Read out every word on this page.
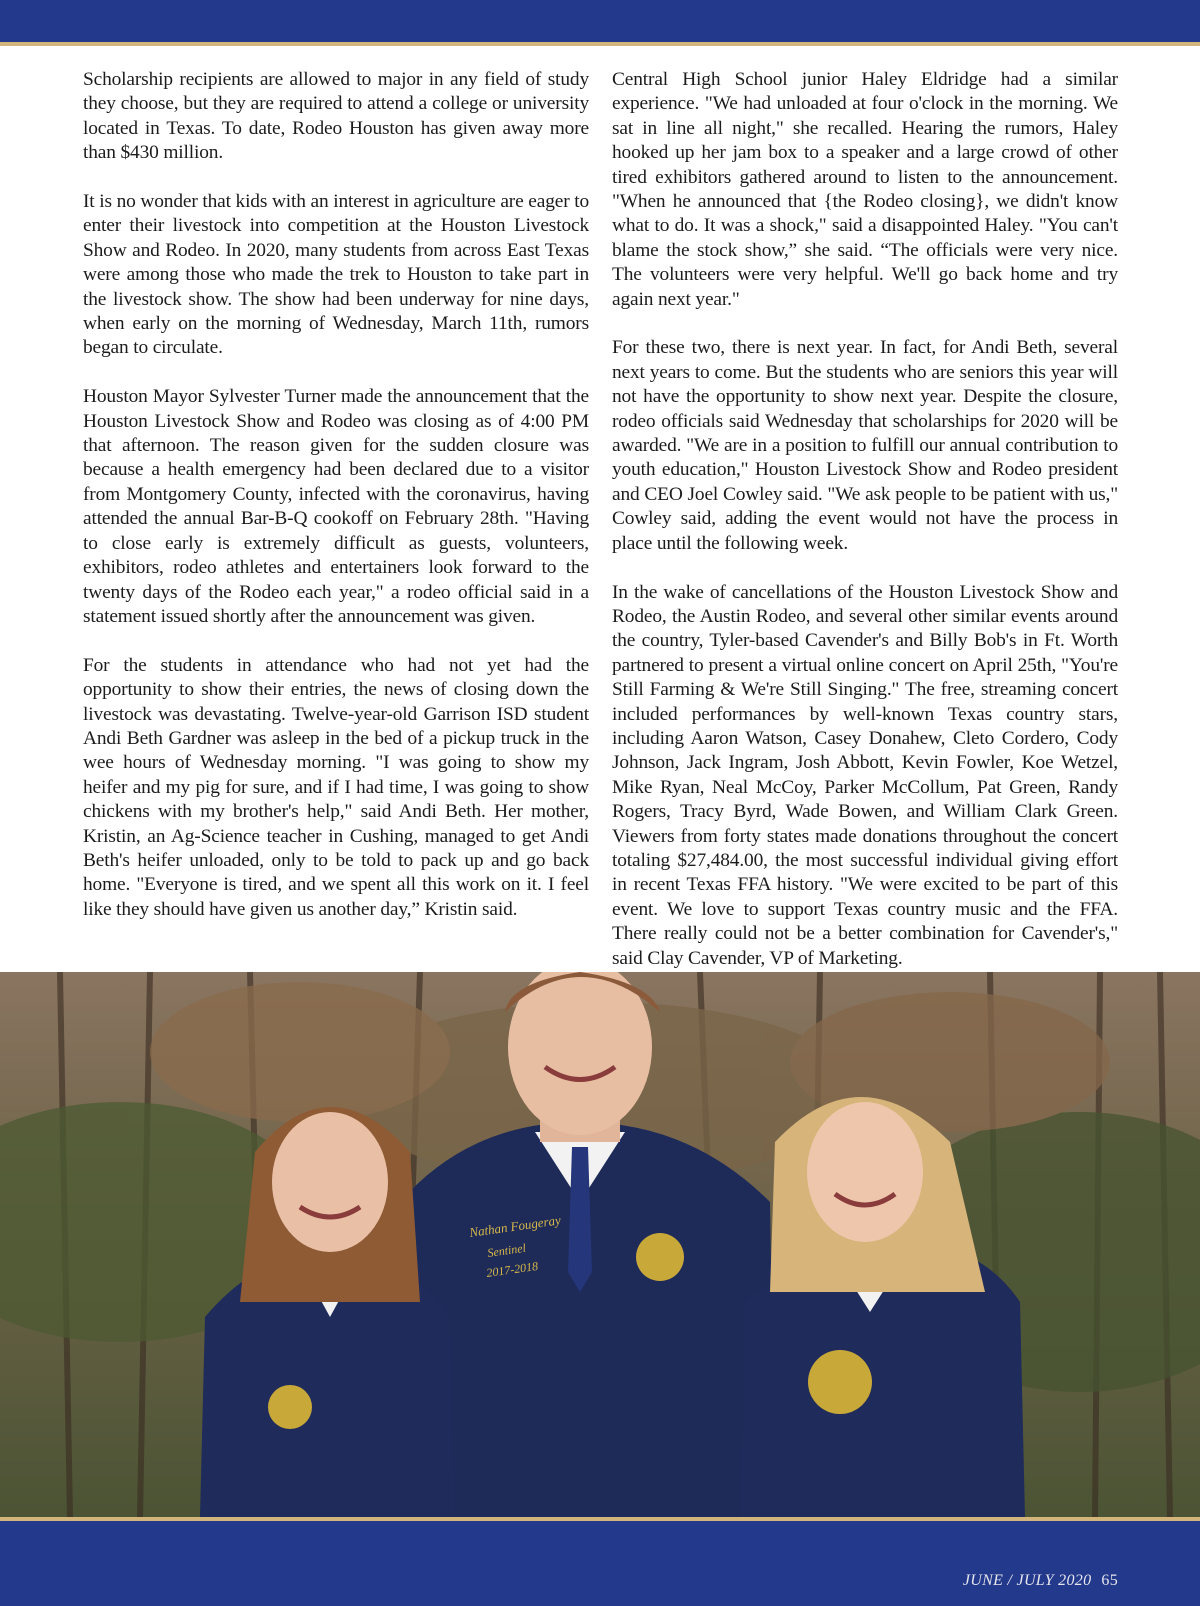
Scholarship recipients are allowed to major in any field of study they choose, but they are required to attend a college or university located in Texas. To date, Rodeo Houston has given away more than $430 million.

It is no wonder that kids with an interest in agriculture are eager to enter their livestock into competition at the Houston Livestock Show and Rodeo. In 2020, many students from across East Texas were among those who made the trek to Houston to take part in the livestock show. The show had been underway for nine days, when early on the morning of Wednesday, March 11th, rumors began to circulate.

Houston Mayor Sylvester Turner made the announcement that the Houston Livestock Show and Rodeo was closing as of 4:00 PM that afternoon. The reason given for the sudden closure was because a health emergency had been declared due to a visitor from Montgomery County, infected with the coronavirus, having attended the annual Bar-B-Q cookoff on February 28th. "Having to close early is extremely difficult as guests, volunteers, exhibitors, rodeo athletes and entertainers look forward to the twenty days of the Rodeo each year," a rodeo official said in a statement issued shortly after the announcement was given.

For the students in attendance who had not yet had the opportunity to show their entries, the news of closing down the livestock was devastating. Twelve-year-old Garrison ISD student Andi Beth Gardner was asleep in the bed of a pickup truck in the wee hours of Wednesday morning. "I was going to show my heifer and my pig for sure, and if I had time, I was going to show chickens with my brother's help," said Andi Beth. Her mother, Kristin, an Ag-Science teacher in Cushing, managed to get Andi Beth's heifer unloaded, only to be told to pack up and go back home. "Everyone is tired, and we spent all this work on it. I feel like they should have given us another day,” Kristin said.

Central High School junior Haley Eldridge had a similar experience. "We had unloaded at four o'clock in the morning. We sat in line all night," she recalled. Hearing the rumors, Haley hooked up her jam box to a speaker and a large crowd of other tired exhibitors gathered around to listen to the announcement. "When he announced that {the Rodeo closing}, we didn't know what to do. It was a shock," said a disappointed Haley. "You can't blame the stock show,” she said. “The officials were very nice. The volunteers were very helpful. We'll go back home and try again next year."

For these two, there is next year. In fact, for Andi Beth, several next years to come. But the students who are seniors this year will not have the opportunity to show next year. Despite the closure, rodeo officials said Wednesday that scholarships for 2020 will be awarded. "We are in a position to fulfill our annual contribution to youth education," Houston Livestock Show and Rodeo president and CEO Joel Cowley said. "We ask people to be patient with us," Cowley said, adding the event would not have the process in place until the following week.

In the wake of cancellations of the Houston Livestock Show and Rodeo, the Austin Rodeo, and several other similar events around the country, Tyler-based Cavender's and Billy Bob's in Ft. Worth partnered to present a virtual online concert on April 25th, "You're Still Farming & We're Still Singing." The free, streaming concert included performances by well-known Texas country stars, including Aaron Watson, Casey Donahew, Cleto Cordero, Cody Johnson, Jack Ingram, Josh Abbott, Kevin Fowler, Koe Wetzel, Mike Ryan, Neal McCoy, Parker McCollum, Pat Green, Randy Rogers, Tracy Byrd, Wade Bowen, and William Clark Green. Viewers from forty states made donations throughout the concert totaling $27,484.00, the most successful individual giving effort in recent Texas FFA history. "We were excited to be part of this event. We love to support Texas country music and the FFA. There really could not be a better combination for Cavender's," said Clay Cavender, VP of Marketing.

Nathan Fougeray
Sentinel
2017-2018
JUNE / JULY 2020 65
